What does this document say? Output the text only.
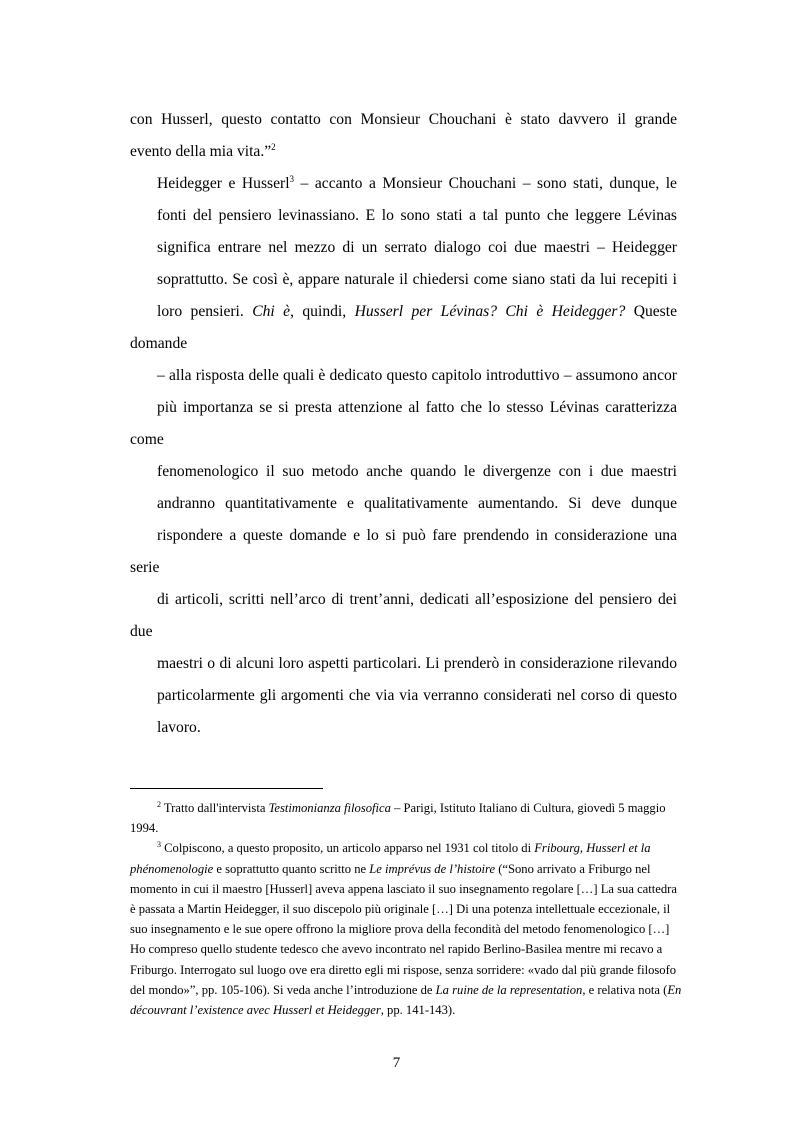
con Husserl, questo contatto con Monsieur Chouchani è stato davvero il grande
evento della mia vita.”$^2$

Heidegger e Husserl$^3$ – accanto a Monsieur Chouchani – sono stati, dunque, le
fonti del pensiero levinassiano. E lo sono stati a tal punto che leggere Lévinas
significa entrare nel mezzo di un serrato dialogo coi due maestri – Heidegger
soprattutto. Se così è, appare naturale il chiedersi come siano stati da lui recepiti i
loro pensieri. Chi è, quindi, Husserl per Lévinas? Chi è Heidegger? Queste domande
– alla risposta delle quali è dedicato questo capitolo introduttivo – assumono ancor
più importanza se si presta attenzione al fatto che lo stesso Lévinas caratterizza come
fenomenologico il suo metodo anche quando le divergenze con i due maestri
andranno quantitativamente e qualitativamente aumentando. Si deve dunque
rispondere a queste domande e lo si può fare prendendo in considerazione una serie
di articoli, scritti nell’arco di trent’anni, dedicati all’esposizione del pensiero dei due
maestri o di alcuni loro aspetti particolari. Li prenderò in considerazione rilevando
particolarmente gli argomenti che via via verranno considerati nel corso di questo
lavoro.

$^2$ Tratto dall'intervista Testimonianza filosofica – Parigi, Istituto Italiano di Cultura, giovedì 5 maggio 1994.

$^3$ Colpiscono, a questo proposito, un articolo apparso nel 1931 col titolo di Fribourg, Husserl et la phénomenologie e soprattutto quanto scritto ne Le imprévus de l’histoire (“Sono arrivato a Friburgo nel momento in cui il maestro [Husserl] aveva appena lasciato il suo insegnamento regolare […] La sua cattedra è passata a Martin Heidegger, il suo discepolo più originale […] Di una potenza intellettuale eccezionale, il suo insegnamento e le sue opere offrono la migliore prova della fecondità del metodo fenomenologico […] Ho compreso quello studente tedesco che avevo incontrato nel rapido Berlino-Basilea mentre mi recavo a Friburgo. Interrogato sul luogo ove era diretto egli mi rispose, senza sorridere: «vado dal più grande filosofo del mondo»”, pp. 105-106). Si veda anche l’introduzione de La ruine de la representation, e relativa nota (En découvrant l’existence avec Husserl et Heidegger, pp. 141-143).

7
